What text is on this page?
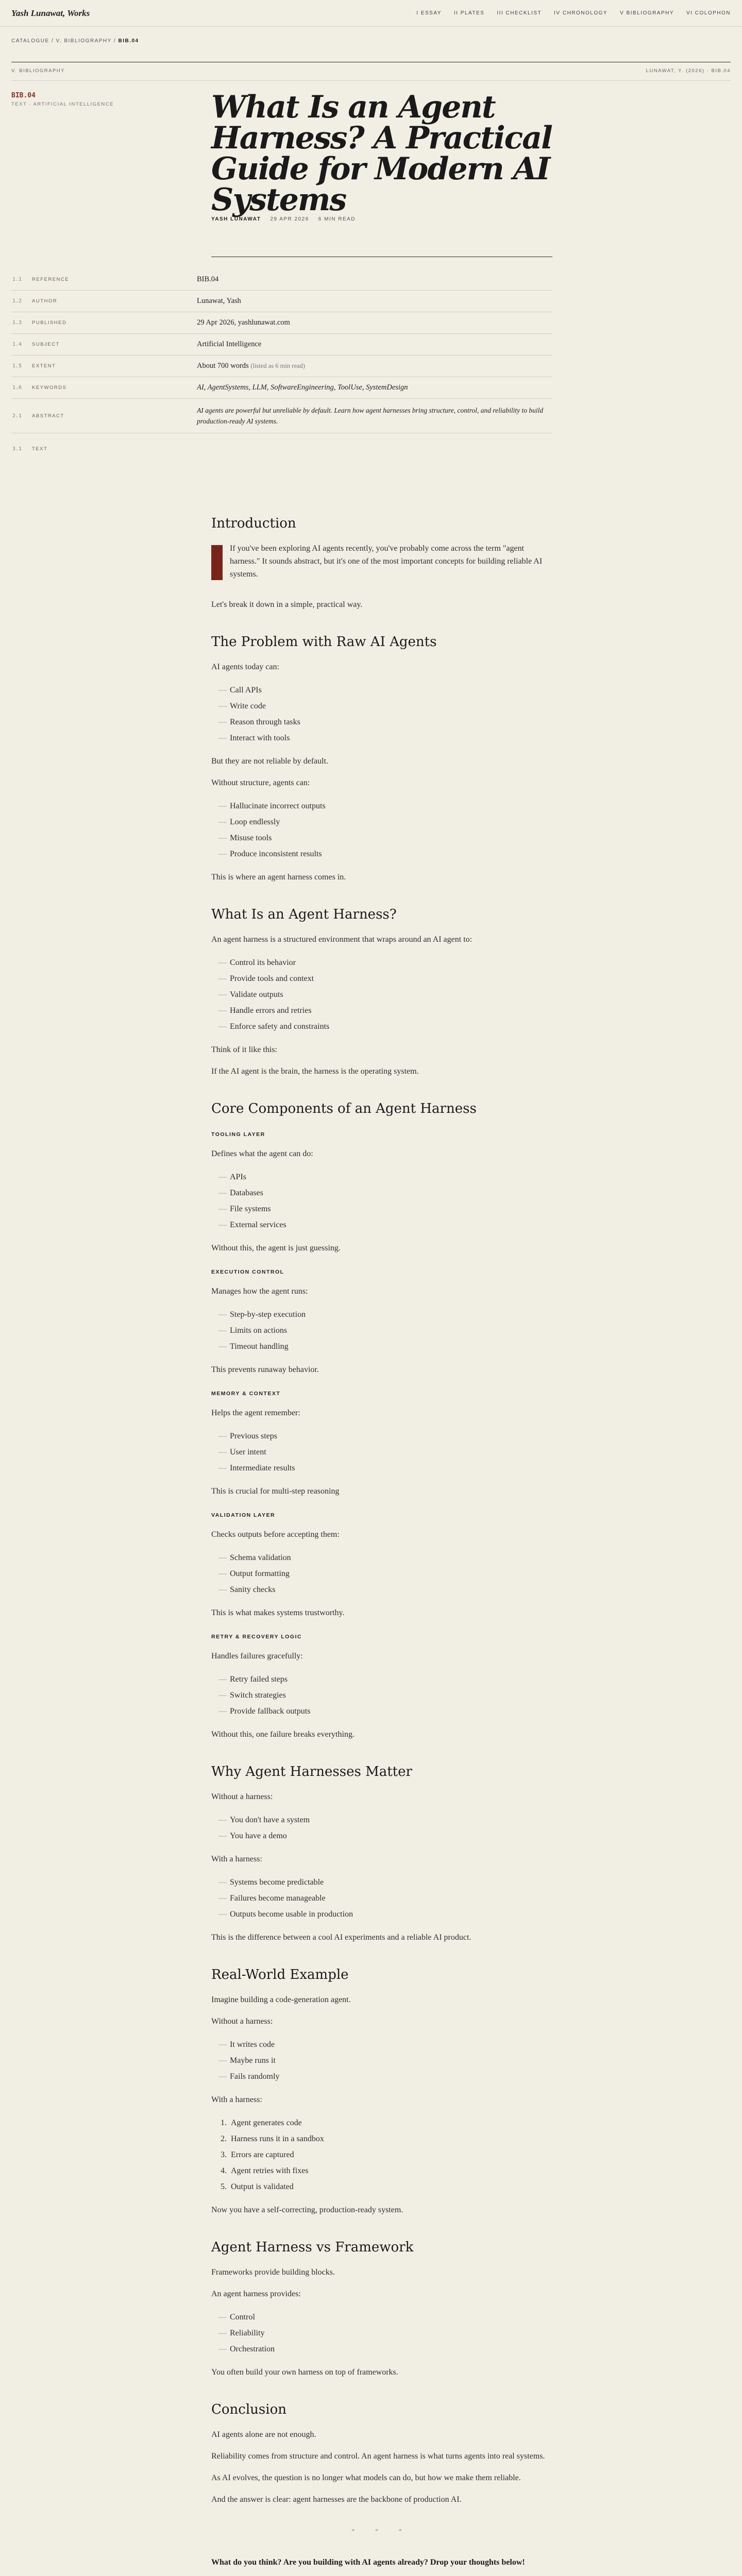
Yash Lunawat, Works	I ESSAY II PLATES III CHECKLIST IV CHRONOLOGY V BIBLIOGRAPHY VI COLOPHON
CATALOGUE / V. BIBLIOGRAPHY / BIB.04
V. BIBLIOGRAPHY	LUNAWAT, Y. (2026) · BIB.04
BIB.04
TEXT · ARTIFICIAL INTELLIGENCE	What Is an Agent Harness? A Practical Guide for Modern AI Systems
YASH LUNAWAT 29 APR 2026 6 MIN READ
1.1	REFERENCE	BIB.04
1.2	AUTHOR	Lunawat, Yash
1.3	PUBLISHED	29 Apr 2026, yashlunawat.com
1.4	SUBJECT	Artificial Intelligence
1.5	EXTENT	About 700 words (listed as 6 min read)
1.6	KEYWORDS	AI, AgentSystems, LLM, SoftwareEngineering, ToolUse, SystemDesign
2.1	ABSTRACT
AI agents are powerful but unreliable by default. Learn how agent harnesses bring structure, control, and reliability to build production-ready AI systems.
3.1	TEXT
Introduction

If you've been exploring AI agents recently, you've probably come across the term "agent harness." It sounds abstract, but it's one of the most important concepts for building reliable AI systems.

Let's break it down in a simple, practical way.

The Problem with Raw AI Agents

AI agents today can:

— Call APIs
— Write code
— Reason through tasks
— Interact with tools

But they are not reliable by default.

Without structure, agents can:

— Hallucinate incorrect outputs
— Loop endlessly
— Misuse tools
— Produce inconsistent results

This is where an agent harness comes in.

What Is an Agent Harness?

An agent harness is a structured environment that wraps around an AI agent to:

— Control its behavior
— Provide tools and context
— Validate outputs
— Handle errors and retries
— Enforce safety and constraints

Think of it like this:

If the AI agent is the brain, the harness is the operating system.

Core Components of an Agent Harness
TOOLING LAYER

Defines what the agent can do:

— APIs
— Databases
— File systems
— External services

Without this, the agent is just guessing.

EXECUTION CONTROL

Manages how the agent runs:

— Step-by-step execution
— Limits on actions
— Timeout handling

This prevents runaway behavior.

MEMORY & CONTEXT

Helps the agent remember:

— Previous steps
— User intent
— Intermediate results

This is crucial for multi-step reasoning

VALIDATION LAYER

Checks outputs before accepting them:

— Schema validation
— Output formatting
— Sanity checks

This is what makes systems trustworthy.

RETRY & RECOVERY LOGIC

Handles failures gracefully:

— Retry failed steps
— Switch strategies
— Provide fallback outputs

Without this, one failure breaks everything.

Why Agent Harnesses Matter

Without a harness:

— You don't have a system
— You have a demo

With a harness:

— Systems become predictable
— Failures become manageable
— Outputs become usable in production

This is the difference between a cool AI experiments and a reliable AI product.

Real-World Example

Imagine building a code-generation agent.

Without a harness:

— It writes code
— Maybe runs it
— Fails randomly

With a harness:

1. Agent generates code
2. Harness runs it in a sandbox
3. Errors are captured
4. Agent retries with fixes
5. Output is validated

Now you have a self-correcting, production-ready system.

Agent Harness vs Framework

Frameworks provide building blocks.

An agent harness provides:

— Control
— Reliability
— Orchestration

You often build your own harness on top of frameworks.

Conclusion

AI agents alone are not enough.

Reliability comes from structure and control. An agent harness is what turns agents into real systems.

As AI evolves, the question is no longer what models can do, but how we make them reliable.

And the answer is clear: agent harnesses are the backbone of production AI.

* * *

What do you think? Are you building with AI agents already? Drop your thoughts below!
